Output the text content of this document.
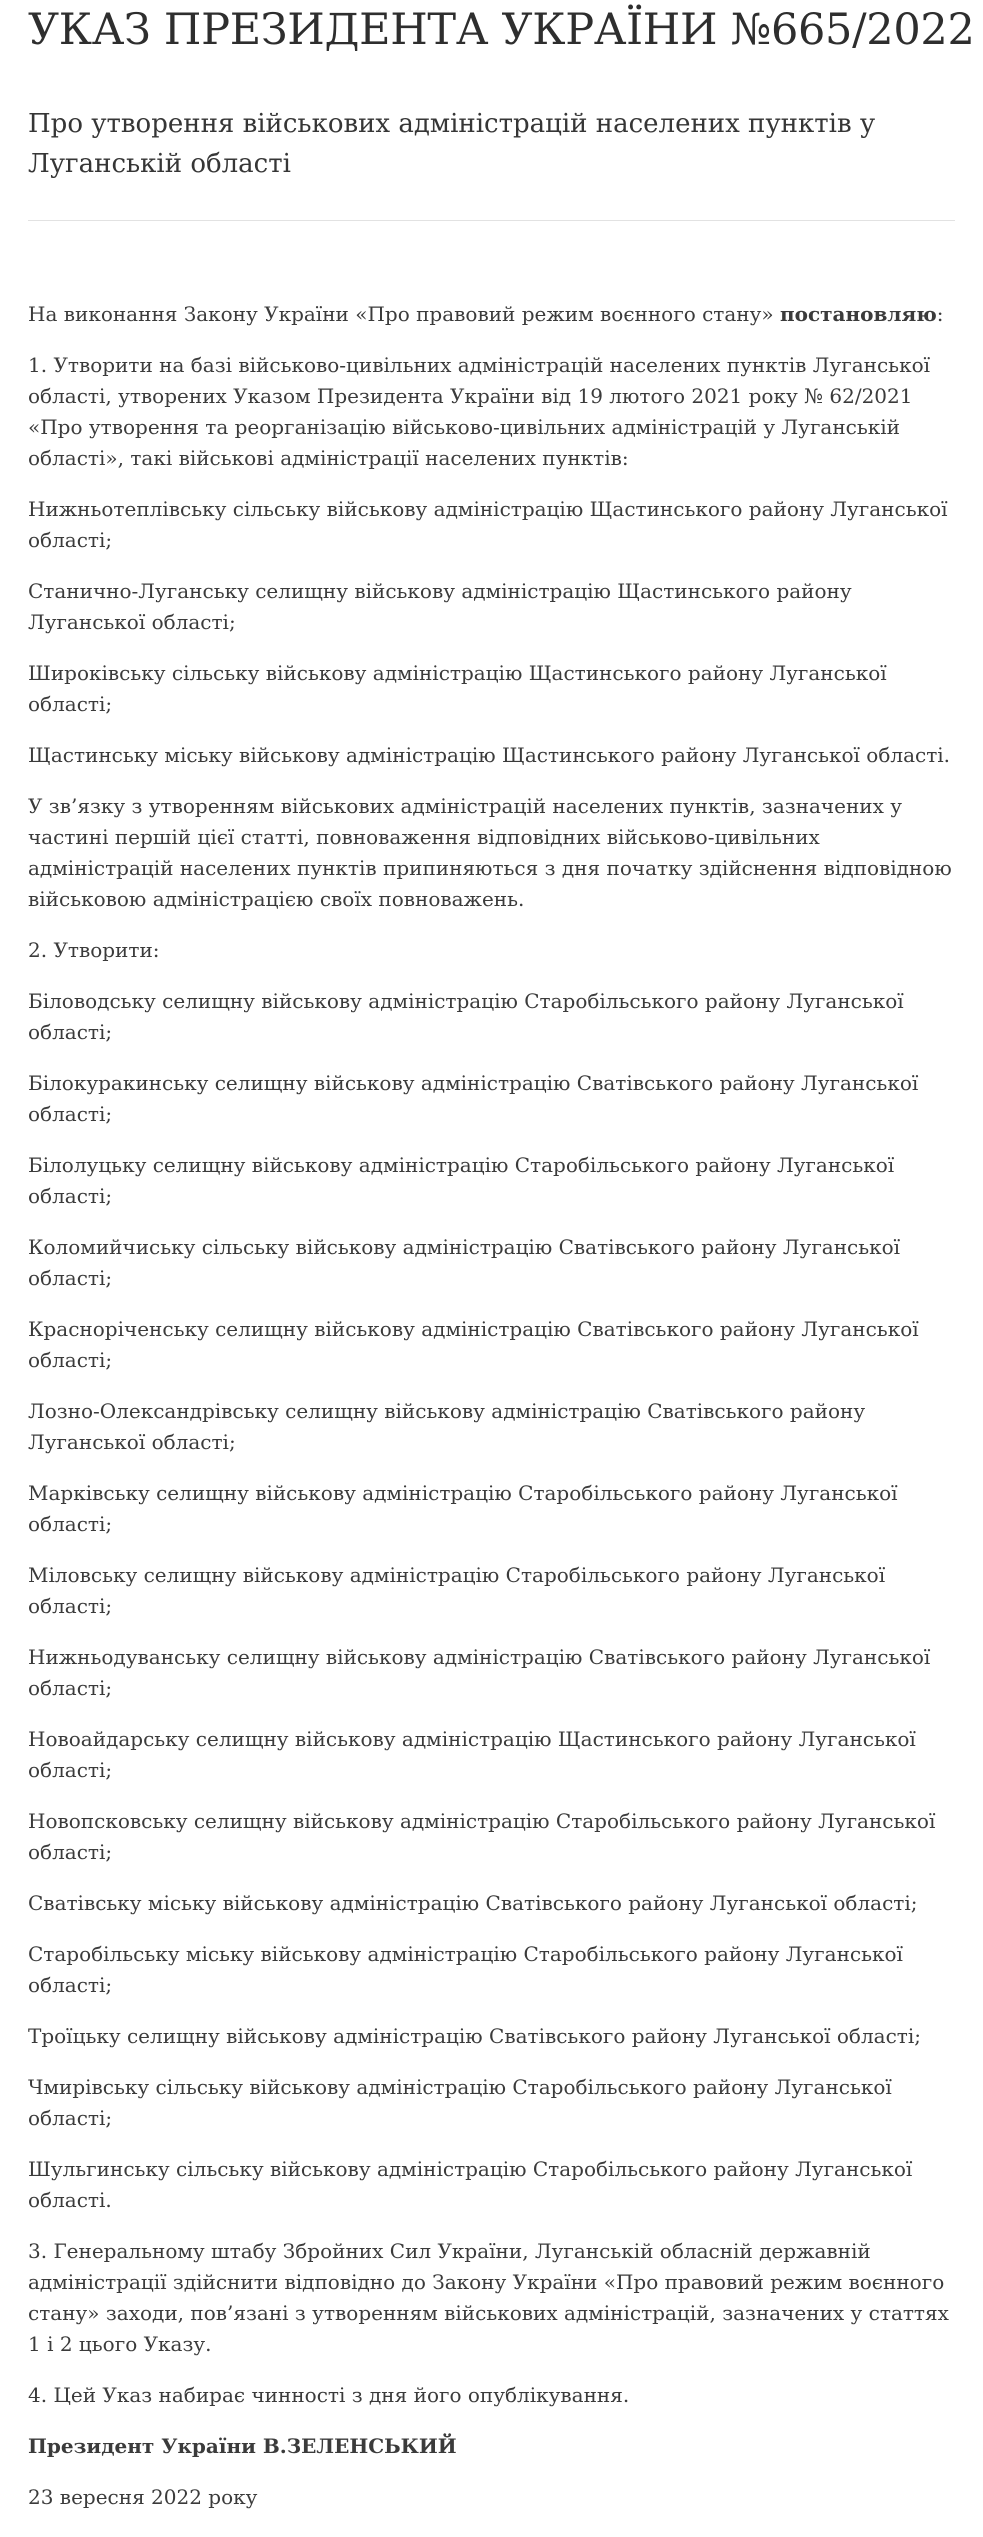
УКАЗ ПРЕЗИДЕНТА УКРАЇНИ №665/2022
Про утворення військових адміністрацій населених пунктів у Луганській області

На виконання Закону України «Про правовий режим воєнного стану» постановляю:

1. Утворити на базі військово-цивільних адміністрацій населених пунктів Луганської області, утворених Указом Президента України від 19 лютого 2021 року № 62/2021 «Про утворення та реорганізацію військово-цивільних адміністрацій у Луганській області», такі військові адміністрації населених пунктів:

Нижньотеплівську сільську військову адміністрацію Щастинського району Луганської області;

Станично-Луганську селищну військову адміністрацію Щастинського району Луганської області;

Широківську сільську військову адміністрацію Щастинського району Луганської області;

Щастинську міську військову адміністрацію Щастинського району Луганської області.

У зв’язку з утворенням військових адміністрацій населених пунктів, зазначених у частині першій цієї статті, повноваження відповідних військово-цивільних адміністрацій населених пунктів припиняються з дня початку здійснення відповідною військовою адміністрацією своїх повноважень.

2. Утворити:

Біловодську селищну військову адміністрацію Старобільського району Луганської області;

Білокуракинську селищну військову адміністрацію Сватівського району Луганської області;

Білолуцьку селищну військову адміністрацію Старобільського району Луганської області;

Коломийчиську сільську військову адміністрацію Сватівського району Луганської області;

Красноріченську селищну військову адміністрацію Сватівського району Луганської області;

Лозно-Олександрівську селищну військову адміністрацію Сватівського району Луганської області;

Марківську селищну військову адміністрацію Старобільського району Луганської області;

Міловську селищну військову адміністрацію Старобільського району Луганської області;

Нижньодуванську селищну військову адміністрацію Сватівського району Луганської області;

Новоайдарську селищну військову адміністрацію Щастинського району Луганської області;

Новопсковську селищну військову адміністрацію Старобільського району Луганської області;

Сватівську міську військову адміністрацію Сватівського району Луганської області;

Старобільську міську військову адміністрацію Старобільського району Луганської області;

Троїцьку селищну військову адміністрацію Сватівського району Луганської області;

Чмирівську сільську військову адміністрацію Старобільського району Луганської області;

Шульгинську сільську військову адміністрацію Старобільського району Луганської області.

3. Генеральному штабу Збройних Сил України, Луганській обласній державній адміністрації здійснити відповідно до Закону України «Про правовий режим воєнного стану» заходи, пов’язані з утворенням військових адміністрацій, зазначених у статтях 1 і 2 цього Указу.

4. Цей Указ набирає чинності з дня його опублікування.

Президент України В.ЗЕЛЕНСЬКИЙ

23 вересня 2022 року
